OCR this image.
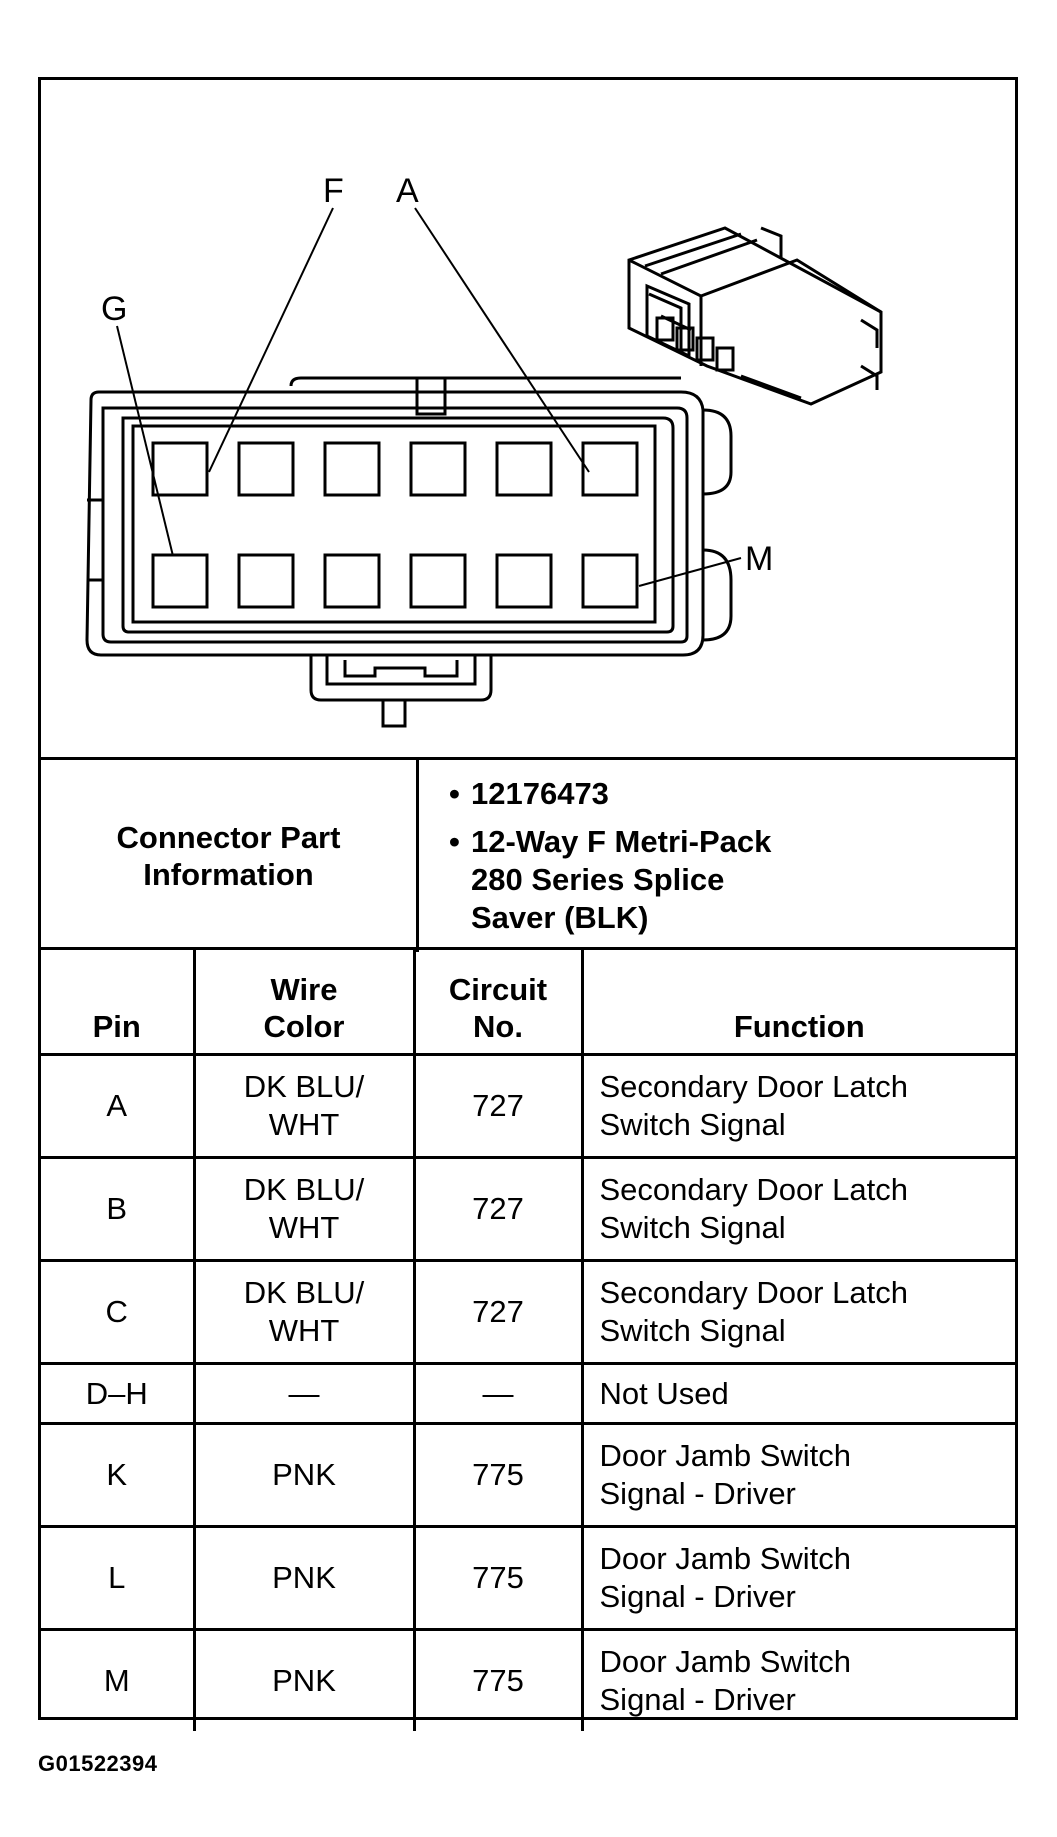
F A
G
M
Connector Part Information	
• 12176473
• 12-Way F Metri-Pack 280 Series Splice Saver (BLK)
Pin	Wire Color	Circuit No.	Function
A	DK BLU/ WHT	727	Secondary Door Latch Switch Signal

B	DK BLU/ WHT	727	Secondary Door Latch Switch Signal

C	DK BLU/ WHT	727	Secondary Door Latch Switch Signal

D–H	—	—	Not Used
K	PNK	775	Door Jamb Switch Signal - Driver

L	PNK	775	Door Jamb Switch Signal - Driver

M	PNK	775	Door Jamb Switch Signal - Driver
G01522394
